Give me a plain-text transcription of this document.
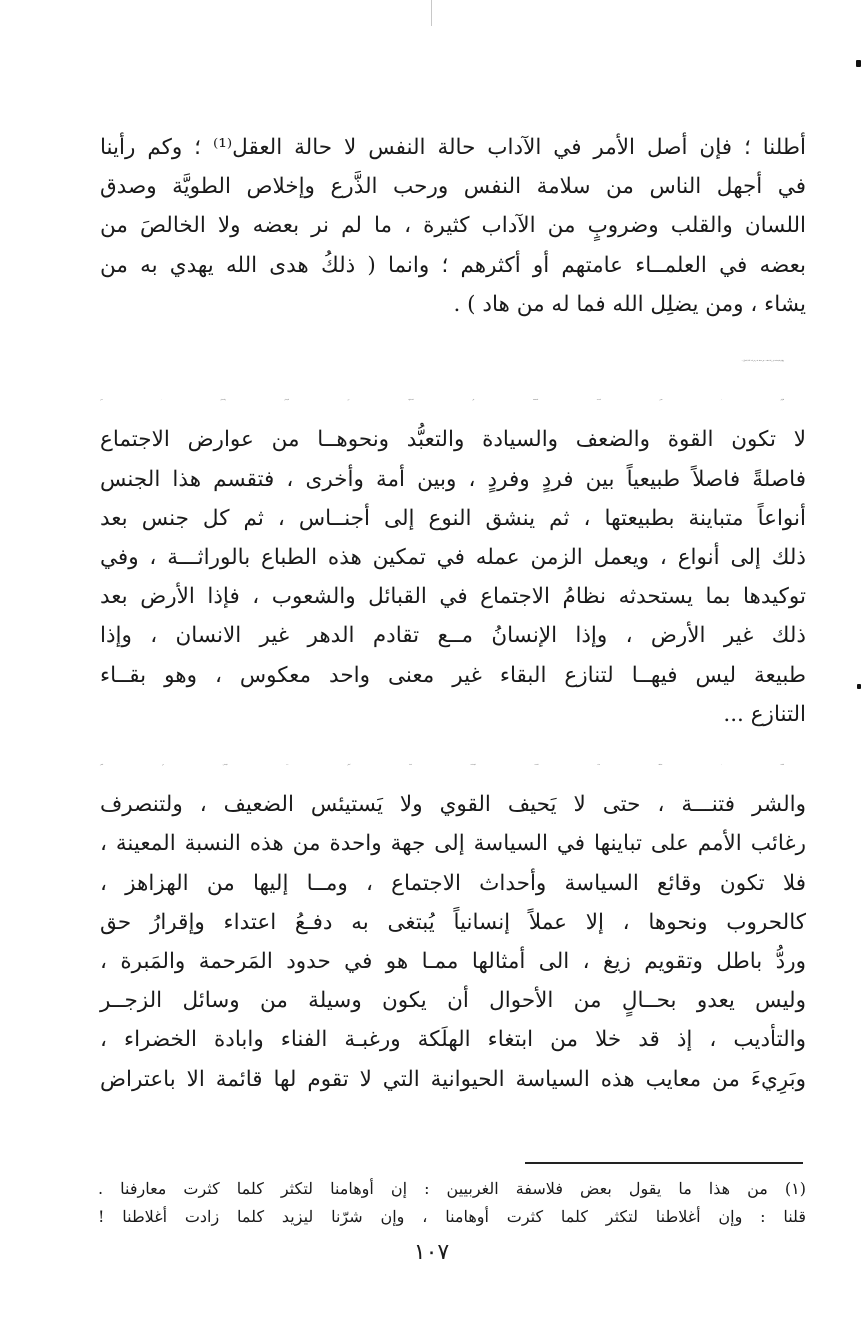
أطلنا ؛ فإن أصل الأمر في الآداب حالة النفس لا حالة العقل⁽¹⁾ ؛ وكم رأينا
في أجهل الناس من سلامة النفس ورحب الذَّرع وإخلاص الطويَّة وصدق
اللسان والقلب وضروبٍ من الآداب كثيرة ، ما لم نر بعضه ولا الخالصَ من
بعضه في العلمــاء عامتهم أو أكثرهم ؛ وانما ( ذلكُ هدى الله يهدي به من
يشاء ، ومن يضلِل الله فما له من هاد ) .

وقِوام الإنسانية في رأينا بثلاث ، هي جملة ما ترمي اليه آدابُ القرآن :

الأولى : تعيين النسبة الصحيحة في المساواة بين الإنسان والانسان ، حتى
لا تكون القوة والضعف والسيادة والتعبُّد ونحوهــا من عوارض الاجتماع
فاصلةً فاصلاً طبيعياً بين فردٍ وفردٍ ، وبين أمة وأخرى ، فتقسم هذا الجنس
أنواعاً متباينة بطبيعتها ، ثم ينشق النوع إلى أجنــاس ، ثم كل جنس بعد
ذلك إلى أنواع ، ويعمل الزمن عمله في تمكين هذه الطباع بالوراثـــة ، وفي
توكيدها بما يستحدثه نظامُ الاجتماع في القبائل والشعوب ، فإذا الأرض بعد
ذلك غير الأرض ، وإذا الإنسانُ مــع تقادم الدهر غير الانسان ، وإذا
طبيعة ليس فيهــا لتنازع البقاء غير معنى واحد معكوس ، وهو بقــاء
التنازع ...

الثانية : حياطة هذه النسبة الإنسانية فيما يُبتلى بــه الإنسان من الخير
والشر فتنـــة ، حتى لا يَحيف القوي ولا يَستيئس الضعيف ، ولتنصرف
رغائب الأمم على تباينها في السياسة إلى جهة واحدة من هذه النسبة المعينة ،
فلا تكون وقائع السياسة وأحداث الاجتماع ، ومــا إليها من الهزاهز ،
كالحروب ونحوها ، إلا عملاً إنسانياً يُبتغى به دفـعُ اعتداء وإقرارُ حق
وردُّ باطل وتقويم زيغ ، الى أمثالها ممـا هو في حدود المَرحمة والمَبرة ،
وليس يعدو بحــالٍ من الأحوال أن يكون وسيلة من وسائل الزجــر
والتأديب ، إذ قد خلا من ابتغاء الهلَكة ورغبـة الفناء وابادة الخضراء ،
وبَرِيءَ من معايب هذه السياسة الحيوانية التي لا تقوم لها قائمة الا باعتراض

(١) من هذا ما يقول بعض فلاسفة الغربيين : إن أوهامنا لتكثر كلما كثرت معارفنا .
قلنا : وإن أغلاطنا لتكثر كلما كثرت أوهامنا ، وإن شرّنا ليزيد كلما زادت أغلاطنا !
١٠٧
